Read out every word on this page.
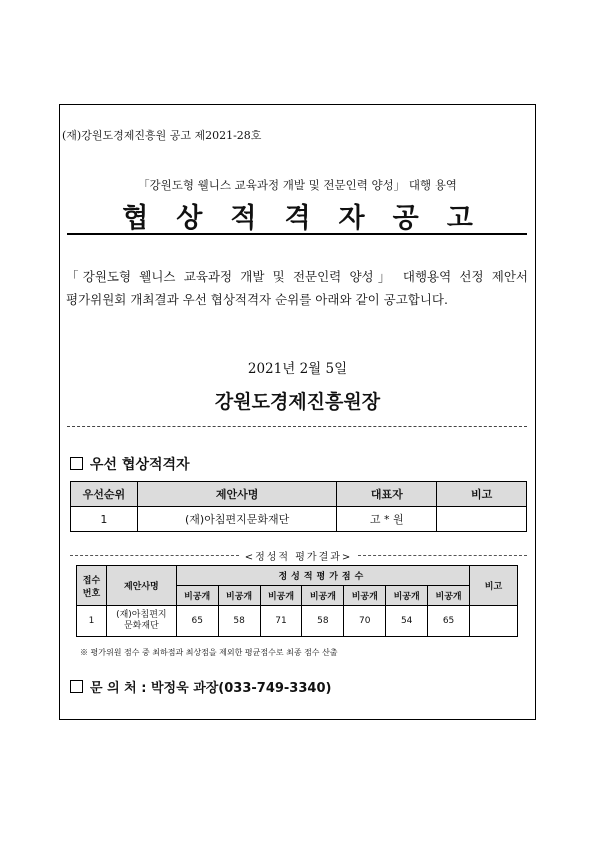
(재)강원도경제진흥원 공고 제2021-28호
「강원도형 웰니스 교육과정 개발 및 전문인력 양성」 대행 용역
협상적격자공고
「강원도형 웰니스 교육과정 개발 및 전문인력 양성」 대행용역 선정 제안서 평가위원회 개최결과 우선 협상적격자 순위를 아래와 같이 공고합니다.
2021년 2월 5일
강원도경제진흥원장
우선 협상적격자
우선순위	제안사명	대표자	비고
1	(재)아침편지문화재단	고 * 원	
<정성적 평가결과>
접수 번호	제안사명	정성적평가점수							비고
		비공개	비공개	비공개	비공개	비공개	비공개	비공개	
1	(재)아침편지 문화재단	65	58	71	58	70	54	65	
※ 평가위원 점수 중 최하점과 최상점을 제외한 평균점수로 최종 점수 산출
문 의 처 : 박정욱 과장(033-749-3340)
